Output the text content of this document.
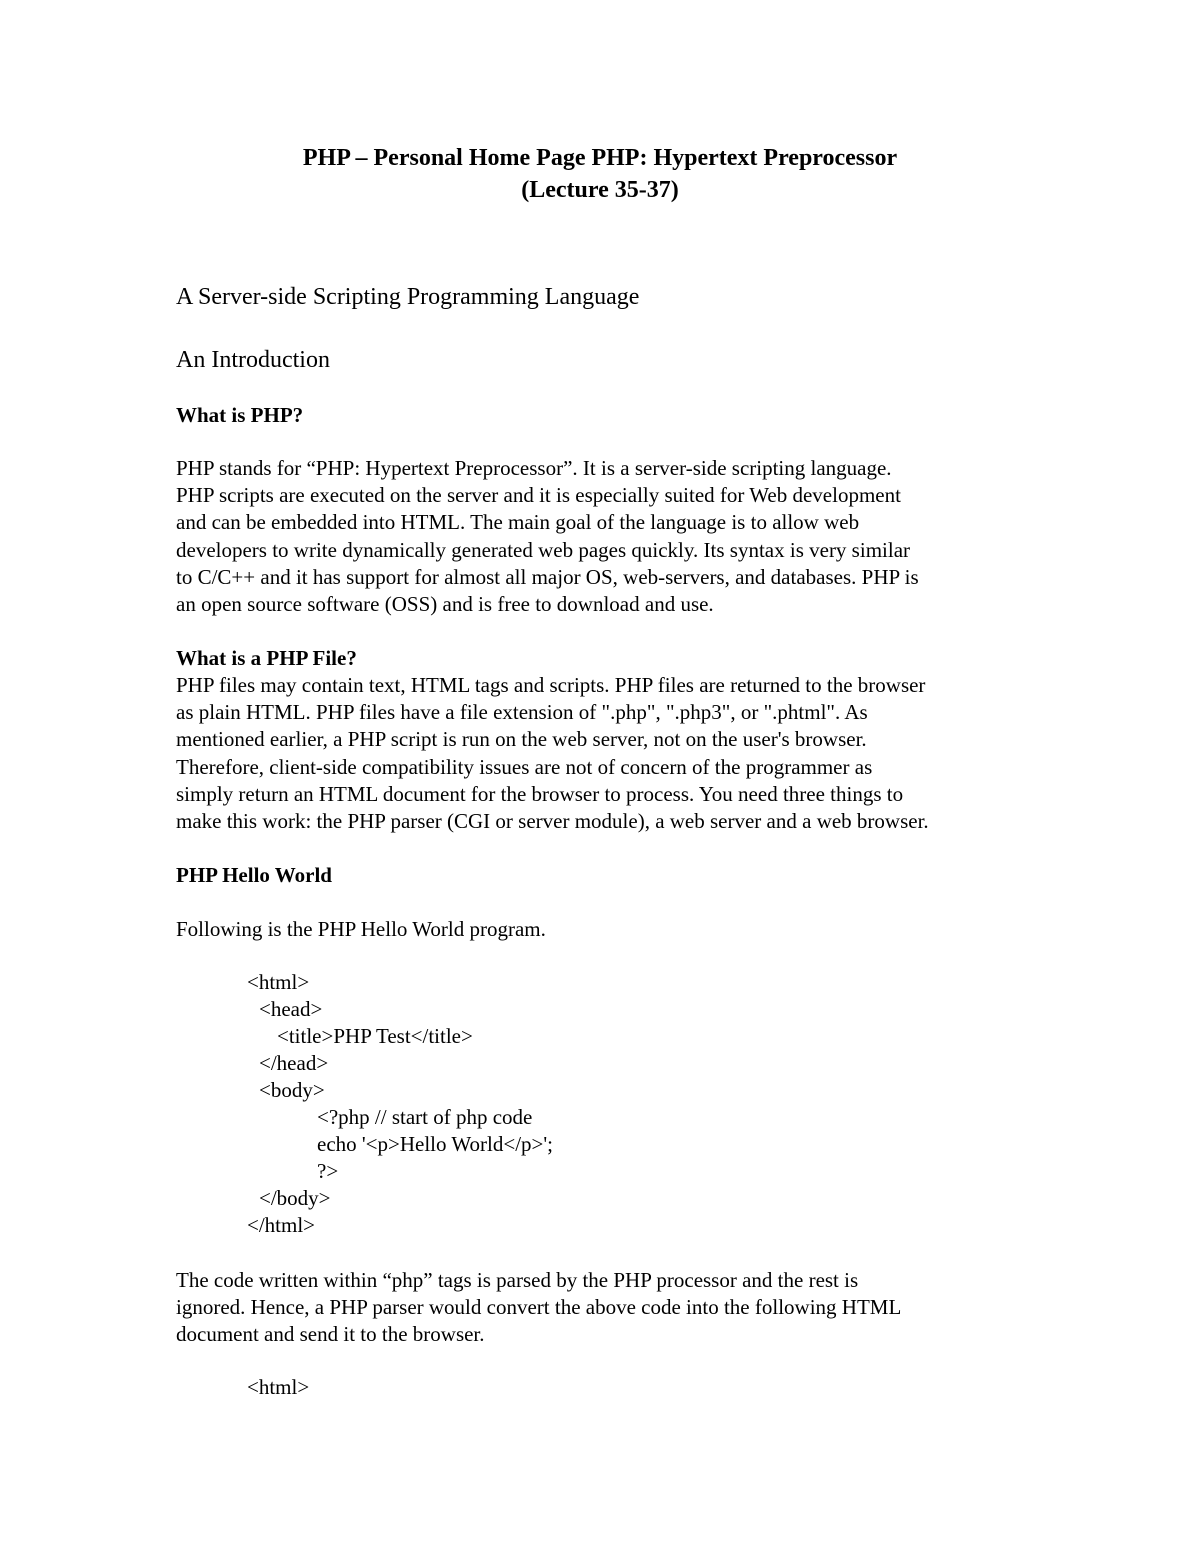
PHP – Personal Home Page PHP: Hypertext Preprocessor
(Lecture 35-37)
A Server-side Scripting Programming Language
An Introduction
What is PHP?
PHP stands for “PHP: Hypertext Preprocessor”. It is a server-side scripting language.
PHP scripts are executed on the server and it is especially suited for Web development
and can be embedded into HTML. The main goal of the language is to allow web
developers to write dynamically generated web pages quickly. Its syntax is very similar
to C/C++ and it has support for almost all major OS, web-servers, and databases. PHP is
an open source software (OSS) and is free to download and use.
What is a PHP File?
PHP files may contain text, HTML tags and scripts. PHP files are returned to the browser
as plain HTML. PHP files have a file extension of ".php", ".php3", or ".phtml". As
mentioned earlier, a PHP script is run on the web server, not on the user's browser.
Therefore, client-side compatibility issues are not of concern of the programmer as
simply return an HTML document for the browser to process. You need three things to
make this work: the PHP parser (CGI or server module), a web server and a web browser.
PHP Hello World
Following is the PHP Hello World program.
<html>
<head>
<title>PHP Test</title>
</head>
<body>
<?php // start of php code
echo '<p>Hello World</p>';
?>
</body>
</html>
The code written within “php” tags is parsed by the PHP processor and the rest is
ignored. Hence, a PHP parser would convert the above code into the following HTML
document and send it to the browser.
<html>
